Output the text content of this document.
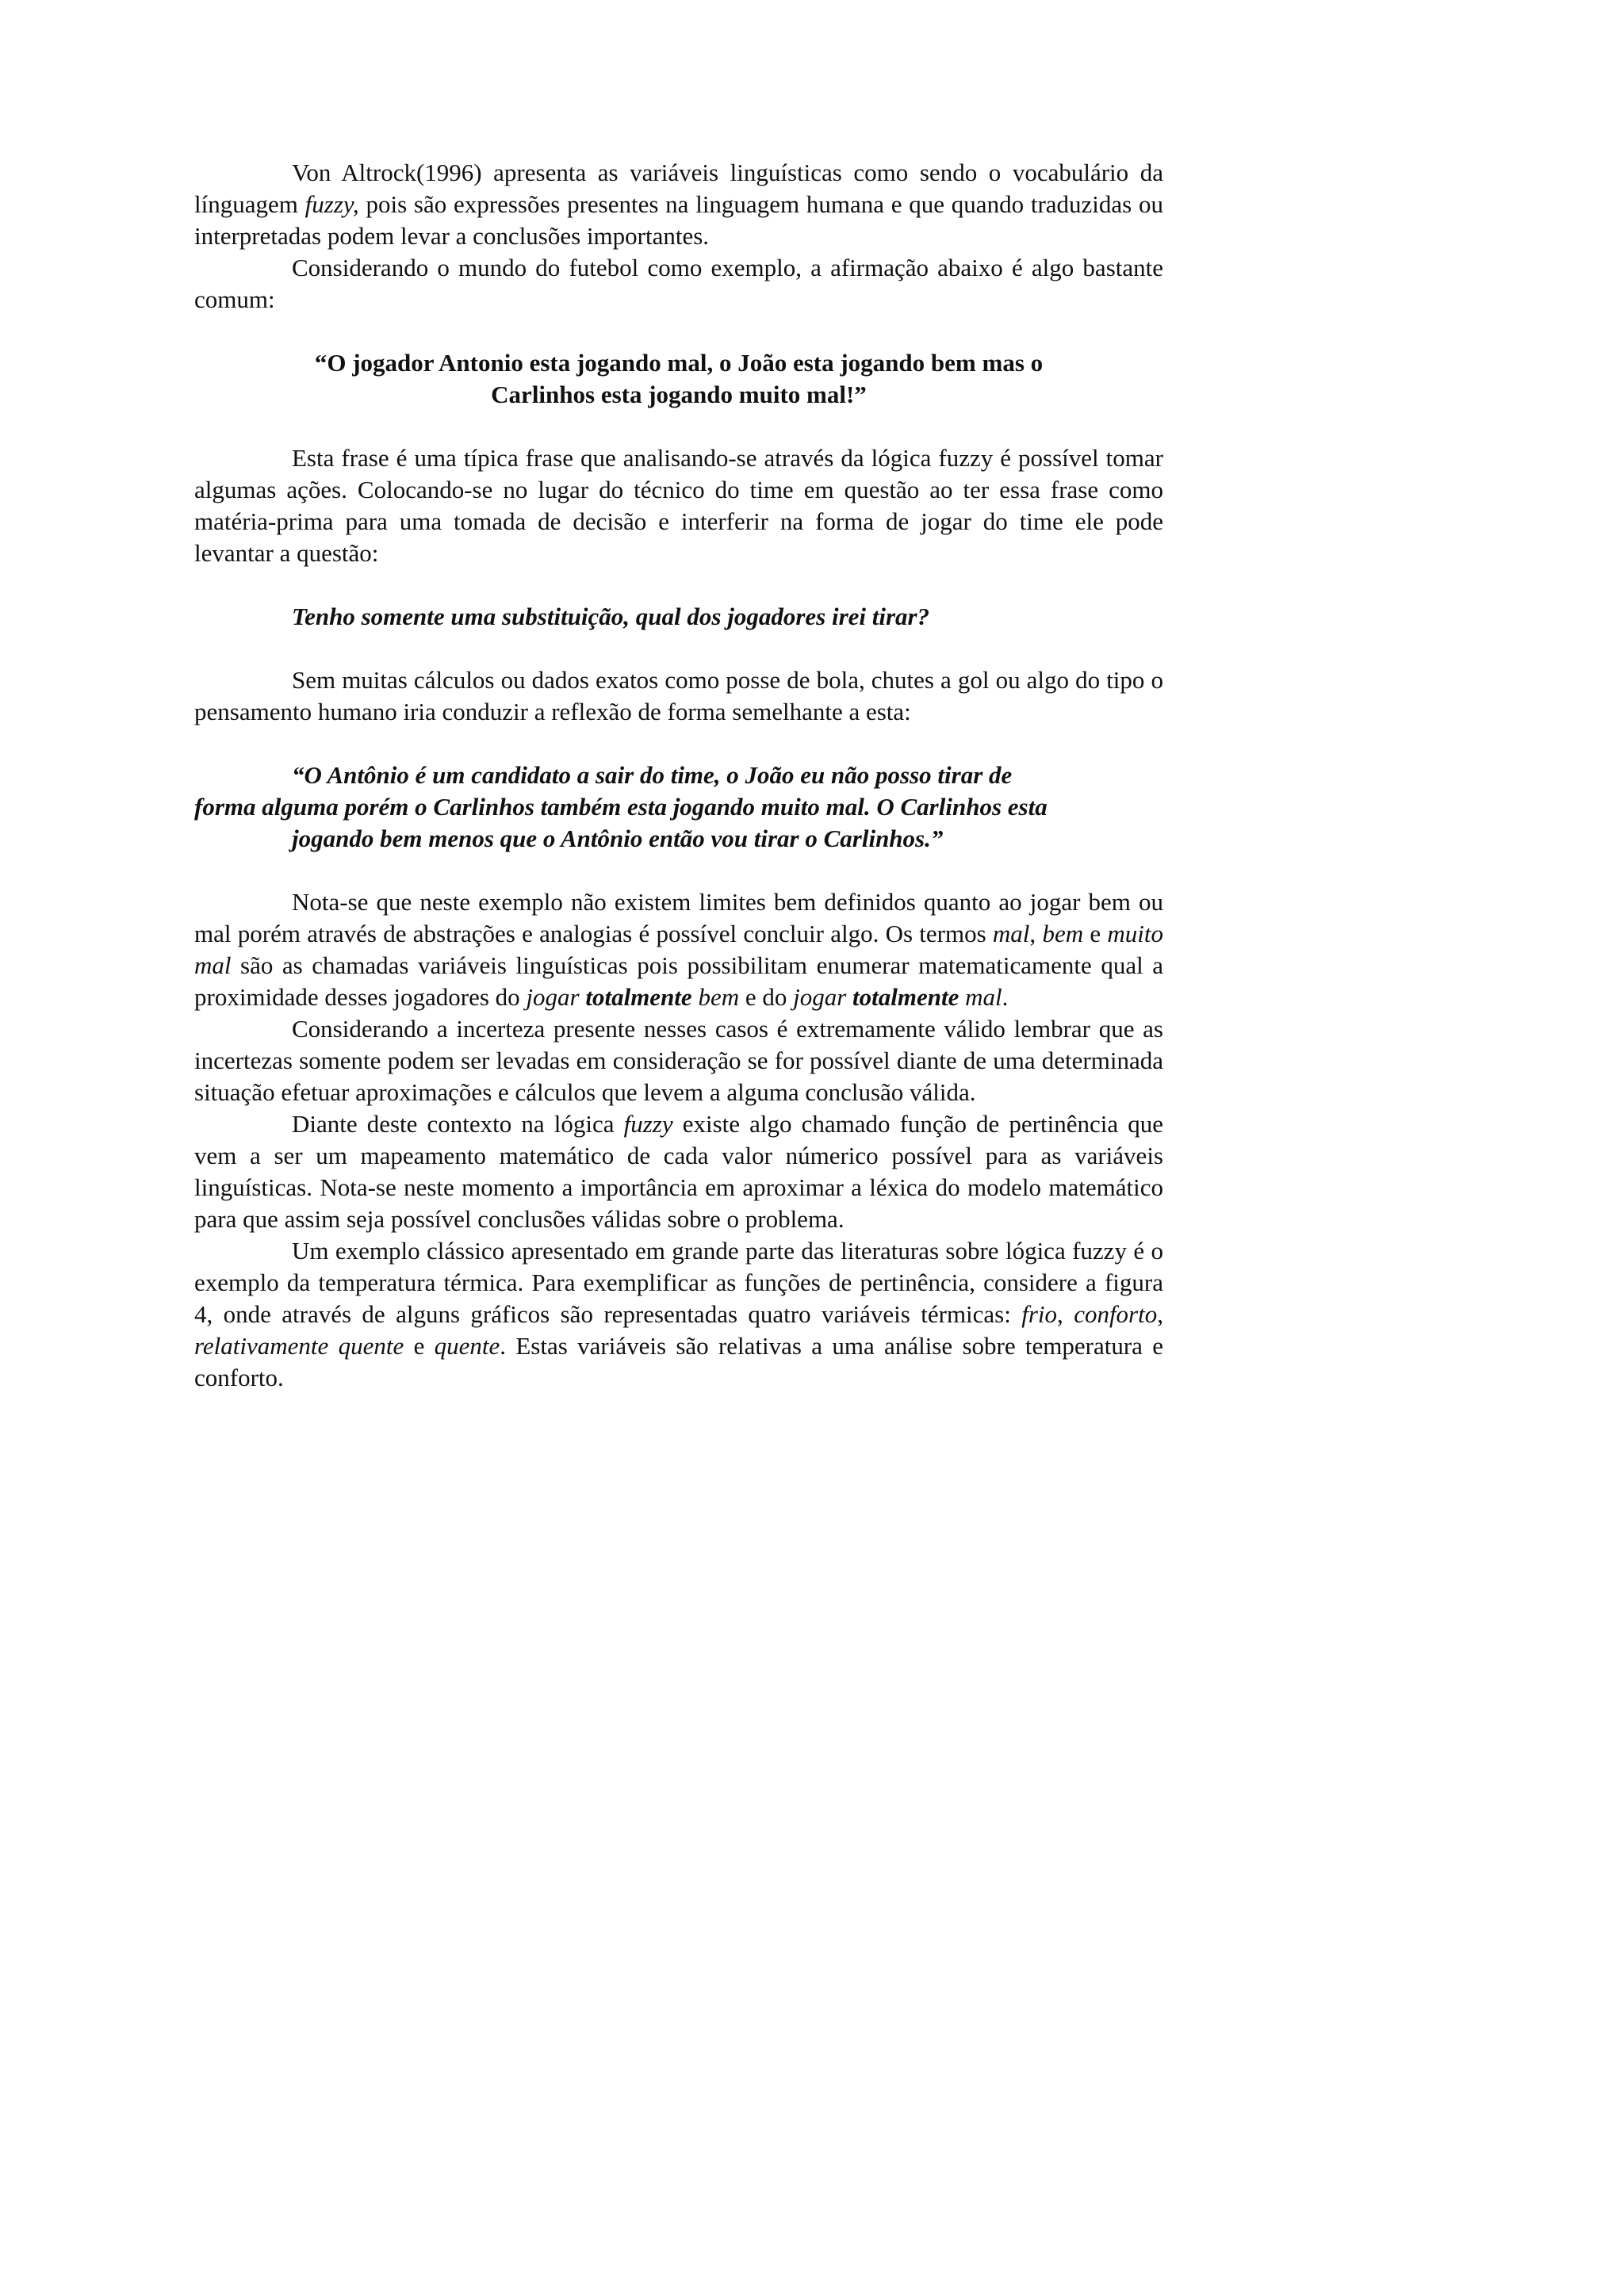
Von Altrock(1996) apresenta as variáveis linguísticas como sendo o vocabulário da línguagem fuzzy, pois são expressões presentes na linguagem humana e que quando traduzidas ou interpretadas podem levar a conclusões importantes.

Considerando o mundo do futebol como exemplo, a afirmação abaixo é algo bastante comum:

“O jogador Antonio esta jogando mal, o João esta jogando bem mas o
Carlinhos esta jogando muito mal!”

Esta frase é uma típica frase que analisando-se através da lógica fuzzy é possível tomar algumas ações. Colocando-se no lugar do técnico do time em questão ao ter essa frase como matéria-prima para uma tomada de decisão e interferir na forma de jogar do time ele pode levantar a questão:

Tenho somente uma substituição, qual dos jogadores irei tirar?

Sem muitas cálculos ou dados exatos como posse de bola, chutes a gol ou algo do tipo o pensamento humano iria conduzir a reflexão de forma semelhante a esta:

“O Antônio é um candidato a sair do time, o João eu não posso tirar de
forma alguma porém o Carlinhos também esta jogando muito mal. O Carlinhos esta
jogando bem menos que o Antônio então vou tirar o Carlinhos.”

Nota-se que neste exemplo não existem limites bem definidos quanto ao jogar bem ou mal porém através de abstrações e analogias é possível concluir algo. Os termos mal, bem e muito mal são as chamadas variáveis linguísticas pois possibilitam enumerar matematicamente qual a proximidade desses jogadores do jogar totalmente bem e do jogar totalmente mal.

Considerando a incerteza presente nesses casos é extremamente válido lembrar que as incertezas somente podem ser levadas em consideração se for possível diante de uma determinada situação efetuar aproximações e cálculos que levem a alguma conclusão válida.

Diante deste contexto na lógica fuzzy existe algo chamado função de pertinência que vem a ser um mapeamento matemático de cada valor númerico possível para as variáveis linguísticas. Nota-se neste momento a importância em aproximar a léxica do modelo matemático para que assim seja possível conclusões válidas sobre o problema.

Um exemplo clássico apresentado em grande parte das literaturas sobre lógica fuzzy é o exemplo da temperatura térmica. Para exemplificar as funções de pertinência, considere a figura 4, onde através de alguns gráficos são representadas quatro variáveis térmicas: frio, conforto, relativamente quente e quente. Estas variáveis são relativas a uma análise sobre temperatura e conforto.
